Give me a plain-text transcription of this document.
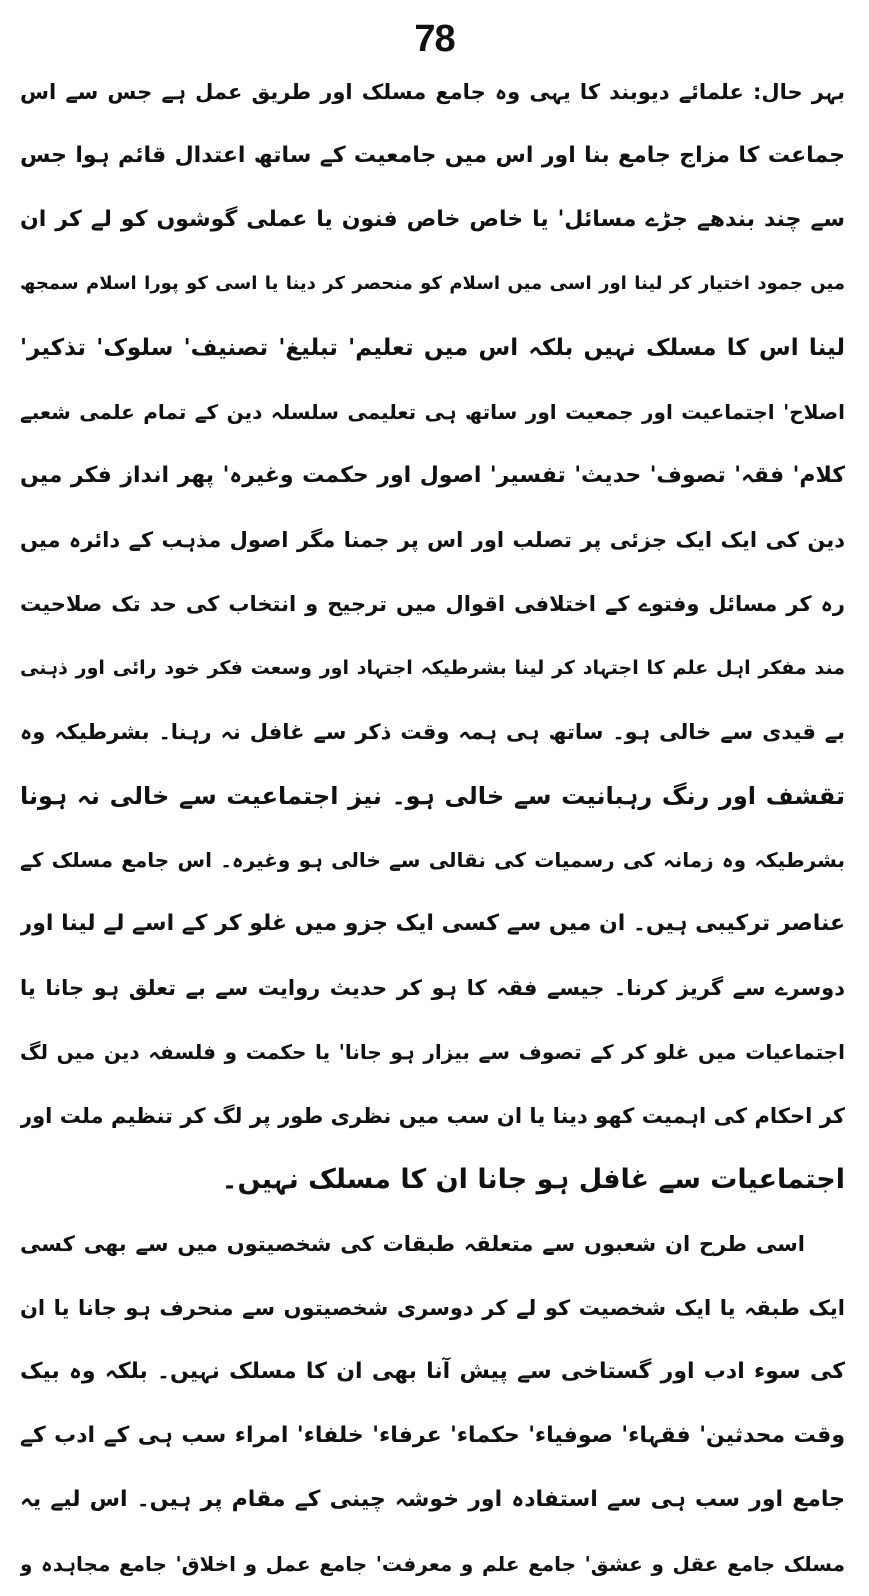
78
بہر حال: علمائے دیوبند کا یہی وہ جامع مسلک اور طریق عمل ہے جس سے اس
جماعت کا مزاج جامع بنا اور اس میں جامعیت کے ساتھ اعتدال قائم ہوا جس
سے چند بندھے جڑے مسائل' یا خاص خاص فنون یا عملی گوشوں کو لے کر ان
میں جمود اختیار کر لینا اور اسی میں اسلام کو منحصر کر دینا یا اسی کو پورا اسلام سمجھ
لینا اس کا مسلک نہیں بلکہ اس میں تعلیم' تبلیغ' تصنیف' سلوک' تذکیر'
اصلاح' اجتماعیت اور جمعیت اور ساتھ ہی تعلیمی سلسلہ دین کے تمام علمی شعبے
کلام' فقہ' تصوف' حدیث' تفسیر' اصول اور حکمت وغیرہ' پھر انداز فکر میں
دین کی ایک ایک جزئی پر تصلب اور اس پر جمنا مگر اصول مذہب کے دائرہ میں
رہ کر مسائل وفتوے کے اختلافی اقوال میں ترجیح و انتخاب کی حد تک صلاحیت
مند مفکر اہل علم کا اجتہاد کر لینا بشرطیکہ اجتہاد اور وسعت فکر خود رائی اور ذہنی
بے قیدی سے خالی ہو۔ ساتھ ہی ہمہ وقت ذکر سے غافل نہ رہنا۔ بشرطیکہ وہ
تقشف اور رنگ رہبانیت سے خالی ہو۔ نیز اجتماعیت سے خالی نہ ہونا
بشرطیکہ وہ زمانہ کی رسمیات کی نقالی سے خالی ہو وغیرہ۔ اس جامع مسلک کے
عناصر ترکیبی ہیں۔ ان میں سے کسی ایک جزو میں غلو کر کے اسے لے لینا اور
دوسرے سے گریز کرنا۔ جیسے فقہ کا ہو کر حدیث روایت سے بے تعلق ہو جانا یا
اجتماعیات میں غلو کر کے تصوف سے بیزار ہو جانا' یا حکمت و فلسفہ دین میں لگ
کر احکام کی اہمیت کھو دینا یا ان سب میں نظری طور پر لگ کر تنظیم ملت اور
اجتماعیات سے غافل ہو جانا ان کا مسلک نہیں۔
اسی طرح ان شعبوں سے متعلقہ طبقات کی شخصیتوں میں سے بھی کسی
ایک طبقہ یا ایک شخصیت کو لے کر دوسری شخصیتوں سے منحرف ہو جانا یا ان
کی سوء ادب اور گستاخی سے پیش آنا بھی ان کا مسلک نہیں۔ بلکہ وہ بیک
وقت محدثین' فقہاء' صوفیاء' حکماء' عرفاء' خلفاء' امراء سب ہی کے ادب کے
جامع اور سب ہی سے استفادہ اور خوشہ چینی کے مقام پر ہیں۔ اس لیے یہ
مسلک جامع عقل و عشق' جامع علم و معرفت' جامع عمل و اخلاق' جامع مجاہدہ و
